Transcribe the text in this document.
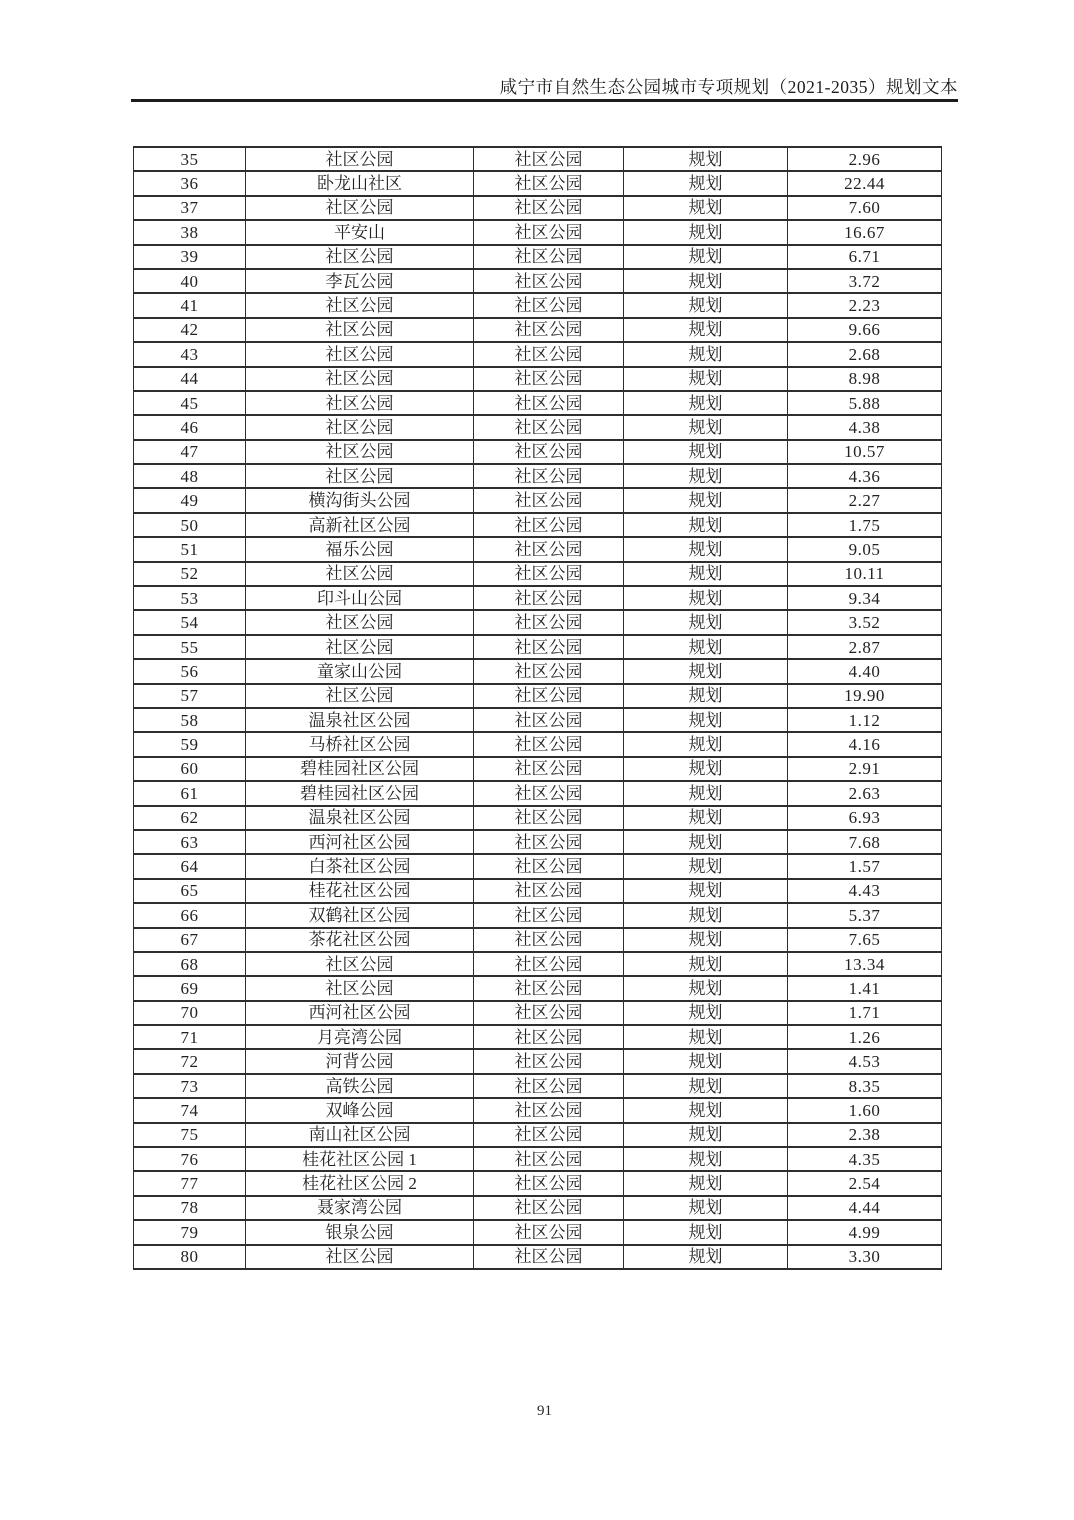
咸宁市自然生态公园城市专项规划（2021-2035）规划文本
35	社区公园	社区公园	规划	2.96
36	卧龙山社区	社区公园	规划	22.44
37	社区公园	社区公园	规划	7.60
38	平安山	社区公园	规划	16.67
39	社区公园	社区公园	规划	6.71
40	李瓦公园	社区公园	规划	3.72
41	社区公园	社区公园	规划	2.23
42	社区公园	社区公园	规划	9.66
43	社区公园	社区公园	规划	2.68
44	社区公园	社区公园	规划	8.98
45	社区公园	社区公园	规划	5.88
46	社区公园	社区公园	规划	4.38
47	社区公园	社区公园	规划	10.57
48	社区公园	社区公园	规划	4.36
49	横沟街头公园	社区公园	规划	2.27
50	高新社区公园	社区公园	规划	1.75
51	福乐公园	社区公园	规划	9.05
52	社区公园	社区公园	规划	10.11
53	印斗山公园	社区公园	规划	9.34
54	社区公园	社区公园	规划	3.52
55	社区公园	社区公园	规划	2.87
56	童家山公园	社区公园	规划	4.40
57	社区公园	社区公园	规划	19.90
58	温泉社区公园	社区公园	规划	1.12
59	马桥社区公园	社区公园	规划	4.16
60	碧桂园社区公园	社区公园	规划	2.91
61	碧桂园社区公园	社区公园	规划	2.63
62	温泉社区公园	社区公园	规划	6.93
63	西河社区公园	社区公园	规划	7.68
64	白茶社区公园	社区公园	规划	1.57
65	桂花社区公园	社区公园	规划	4.43
66	双鹤社区公园	社区公园	规划	5.37
67	茶花社区公园	社区公园	规划	7.65
68	社区公园	社区公园	规划	13.34
69	社区公园	社区公园	规划	1.41
70	西河社区公园	社区公园	规划	1.71
71	月亮湾公园	社区公园	规划	1.26
72	河背公园	社区公园	规划	4.53
73	高铁公园	社区公园	规划	8.35
74	双峰公园	社区公园	规划	1.60
75	南山社区公园	社区公园	规划	2.38
76	桂花社区公园 1	社区公园	规划	4.35
77	桂花社区公园 2	社区公园	规划	2.54
78	聂家湾公园	社区公园	规划	4.44
79	银泉公园	社区公园	规划	4.99
80	社区公园	社区公园	规划	3.30
91
